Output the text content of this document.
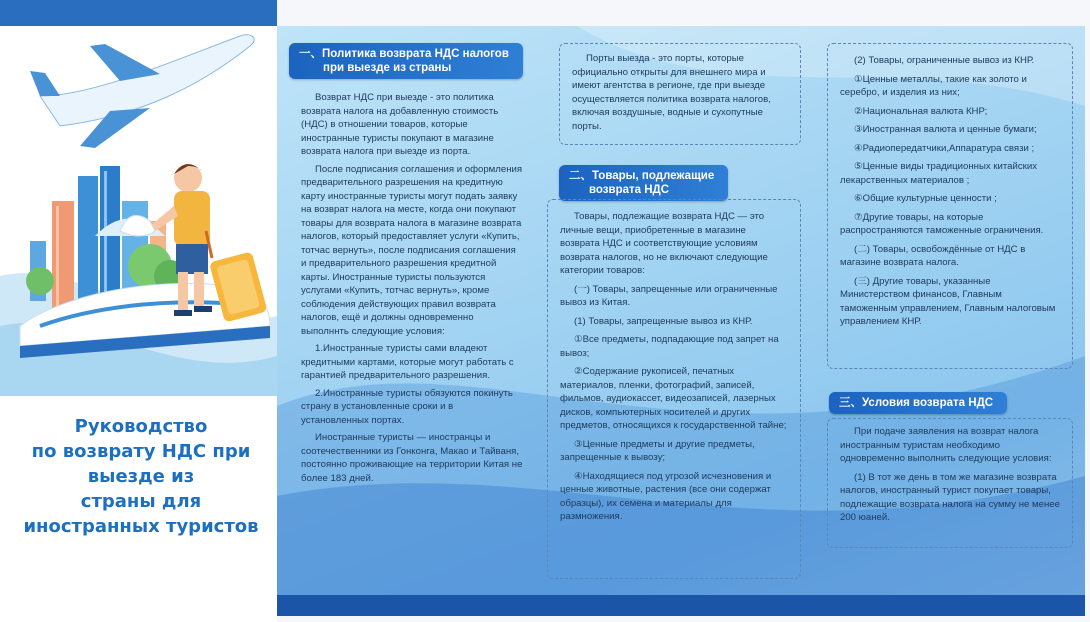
Руководство
по возврату НДС при
выезде из
страны для
иностранных туристов
一、Политика возврата НДС налогов
при выезде из страны

Возврат НДС при выезде - это политика возврата налога на добавленную стоимость (НДС) в отношении товаров, которые иностранные туристы покупают в магазине возврата налога при выезде из порта.

После подписания соглашения и оформления предварительного разрешения на кредитную карту иностранные туристы могут подать заявку на возврат налога на месте, когда они покупают товары для возврата налога в магазине возврата налогов, который предоставляет услуги «Купить, тотчас вернуть», после подписания соглашения и предварительного разрешения кредитной карты. Иностранные туристы пользуются услугами «Купить, тотчас вернуть», кроме соблюдения действующих правил возврата налогов, ещё и должны одновременно выполннть следующие условия:

1.Иностранные туристы сами владеют кредитными картами, которые могут работать с гарантией предварительного разрешения.

2.Иностранные туристы обязуются покинуть страну в установленные сроки и в установленных портах.

Иностранные туристы — иностранцы и соотечественники из Гонконга, Макао и Тайваня, постоянно проживающие на территории Китая не более 183 дней.

Порты выезда - это порты, которые официально открыты для внешнего мира и имеют агентства в регионе, где при выезде осуществляется политика возврата налогов, включая воздушные, водные и сухопутные порты.

二、Товары, подлежащие
возврата НДС

Товары, подлежащие возврата НДС — это личные вещи, приобретенные в магазине возврата НДС и соответствующие условиям возврата налогов, но не включают следующие категории товаров:

(一) Товары, запрещенные или ограниченные вывоз из Китая.

(1) Товары, запрещенные вывоз из КНР.

①Все предметы, подпадающие под запрет на вывоз;

②Содержание рукописей, печатных материалов, пленки, фотографий, записей, фильмов, аудиокассет, видеозаписей, лазерных дисков, компьютерных носителей и других предметов, относящихся к государственной тайне;

③Ценные предметы и другие предметы, запрещенные к вывозу;

④Находящиеся под угрозой исчезновения и ценные животные, растения (все они содержат образцы), их семена и материалы для размножения.

(2) Товары, ограниченные вывоз из КНР.

①Ценные металлы, такие как золото и серебро, и изделия из них;

②Национальная валюта КНР;

③Иностранная валюта и ценные бумаги;

④Радиопередатчики,Аппаратура связи ;

⑤Ценные виды традиционных китайских лекарственных материалов ;

⑥Общие культурные ценности ;

⑦Другие товары, на которые распространяются таможенные ограничения.

(二) Товары, освобождённые от НДС в магазине возврата налога.

(三) Другие товары, указанные Министерством финансов, Главным таможенным управлением, Главным налоговым управлением КНР.

三、Условия возврата НДС

При подаче заявления на возврат налога иностранным туристам необходимо одновременно выполнить следующие условия:

(1) В тот же день в том же магазине возврата налогов, иностранный турист покупает товары, подлежащие возврата налога на сумму не менее 200 юаней.
